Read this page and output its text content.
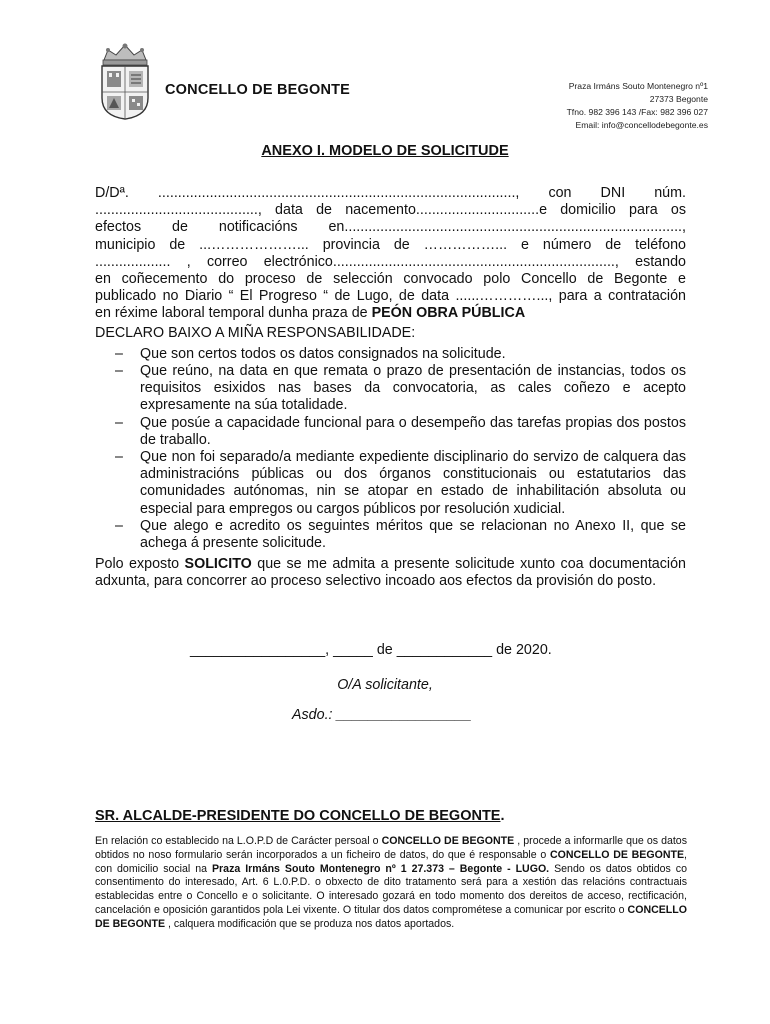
CONCELLO DE BEGONTE	Praza Irmáns Souto Montenegro nº1
27373 Begonte
Tfno. 982 396 143 /Fax: 982 396 027
Email: info@concellodebegonte.es
ANEXO I. MODELO DE SOLICITUDE
D/Dª. .........................................................................................., con DNI núm.
........................................., data de nacemento...............................e domicilio para os
efectos de notificacións en.....................................................................................,
municipio de ...………………... provincia de ……………... e número de teléfono
................... , correo electrónico......................................................................., estando
en coñecemento do proceso de selección convocado polo Concello de Begonte e
publicado no Diario “ El Progreso “ de Lugo, de data ......…………..., para a contratación
en réxime laboral temporal dunha praza de PEÓN OBRA PÚBLICA

DECLARO BAIXO A MIÑA RESPONSABILIDADE:

– Que son certos todos os datos consignados na solicitude.
– Que reúno, na data en que remata o prazo de presentación de instancias, todos os requisitos esixidos nas bases da convocatoria, as cales coñezo e acepto expresamente na súa totalidade.
– Que posúe a capacidade funcional para o desempeño das tarefas propias dos postos de traballo.
– Que non foi separado/a mediante expediente disciplinario do servizo de calquera das administracións públicas ou dos órganos constitucionais ou estatutarios das comunidades autónomas, nin se atopar en estado de inhabilitación absoluta ou especial para empregos ou cargos públicos por resolución xudicial.
– Que alego e acredito os seguintes méritos que se relacionan no Anexo II, que se achega á presente solicitude.

Polo exposto SOLICITO que se me admita a presente solicitude xunto coa documentación adxunta, para concorrer ao proceso selectivo incoado aos efectos da provisión do posto.

_________________, _____ de ____________ de 2020.
O/A solicitante,
Asdo.: _________________
SR. ALCALDE-PRESIDENTE DO CONCELLO DE BEGONTE.
En relación co establecido na L.O.P.D de Carácter persoal o CONCELLO DE BEGONTE , procede a informarlle que os datos obtidos no noso formulario serán incorporados a un ficheiro de datos, do que é responsable o CONCELLO DE BEGONTE, con domicilio social na Praza Irmáns Souto Montenegro nº 1 27.373 – Begonte - LUGO. Sendo os datos obtidos co consentimento do interesado, Art. 6 L.0.P.D. o obxecto de dito tratamento será para a xestión das relacións contractuais establecidas entre o Concello e o solicitante. O interesado gozará en todo momento dos dereitos de acceso, rectificación, cancelación e oposición garantidos pola Lei vixente. O titular dos datos comprométese a comunicar por escrito o CONCELLO DE BEGONTE , calquera modificación que se produza nos datos aportados.
